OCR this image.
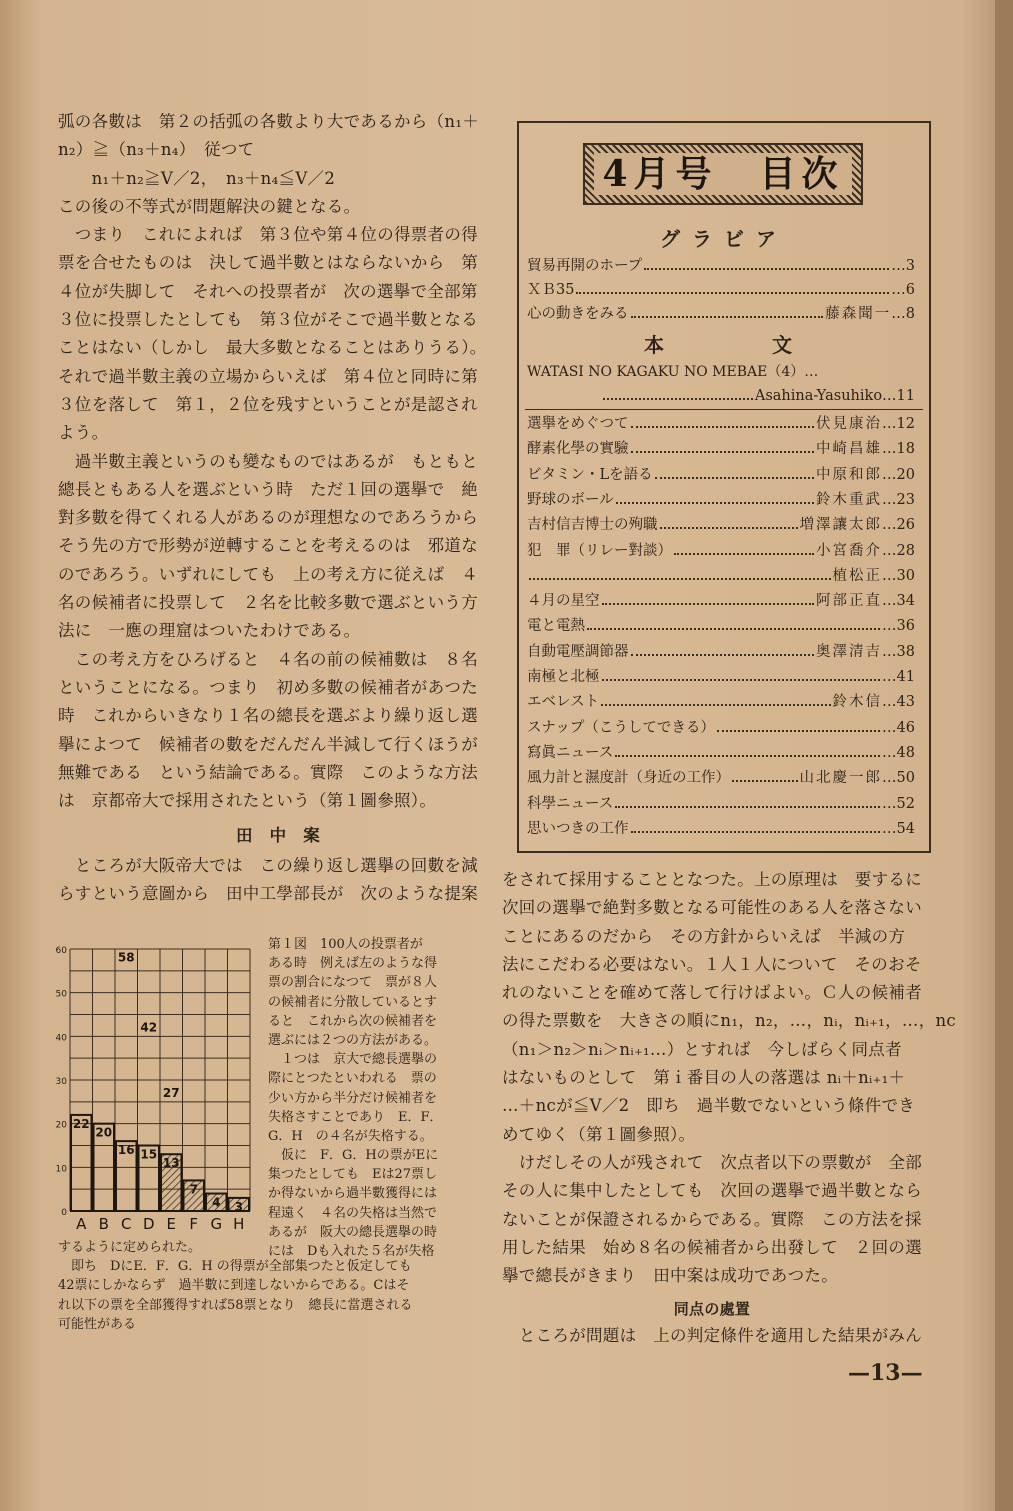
弧の各數は　第２の括弧の各數より大であるから（n₁＋
n₂）≧（n₃＋n₄）　従つて
　　n₁＋n₂≧V／2，　n₃＋n₄≦V／2
この後の不等式が問題解決の鍵となる。
　つまり　これによれば　第３位や第４位の得票者の得
票を合せたものは　決して過半數とはならないから　第
４位が失脚して　それへの投票者が　次の選擧で全部第
３位に投票したとしても　第３位がそこで過半數となる
ことはない（しかし　最大多數となることはありうる）。
それで過半數主義の立場からいえば　第４位と同時に第
３位を落して　第１，２位を残すということが是認され
よう。
　過半數主義というのも變なものではあるが　もともと
總長ともある人を選ぶという時　ただ１回の選擧で　絶
對多數を得てくれる人があるのが理想なのであろうから
そう先の方で形勢が逆轉することを考えるのは　邪道な
のであろう。いずれにしても　上の考え方に従えば　４
名の候補者に投票して　２名を比較多數で選ぶという方
法に　一應の理窟はついたわけである。
　この考え方をひろげると　４名の前の候補數は　８名
ということになる。つまり　初め多數の候補者があつた
時　これからいきなり１名の總長を選ぶより繰り返し選
擧によつて　候補者の數をだんだん半減して行くほうが
無難である　という結論である。實際　このような方法
は　京都帝大で採用されたという（第１圖參照）。
田　中　案
　ところが大阪帝大では　この繰り返し選擧の回數を減
らすという意圖から　田中工學部長が　次のような提案
22
20
16 15
13
7
4 3
58
42
27
0
10
20
30
40
50
60
A B C D E F G H
第１図　100人の投票者が
ある時　例えば左のような得
票の割合になつて　票が８人
の候補者に分散しているとす
ると　これから次の候補者を
選ぶには２つの方法がある。
　１つは　京大で總長選擧の
際にとつたといわれる　票の
少い方から半分だけ候補者を
失格さすことであり　E．F．
G．H　の４名が失格する。
　仮に　F．G．Hの票がEに
集つたとしても　Eは27票し
か得ないから過半數獲得には
程遠く　４名の失格は当然で
あるが　阪大の總長選擧の時
には　Dも入れた５名が失格
するように定められた。
　即ち　DにE．F．G．H の得票が全部集つたと仮定しても
42票にしかならず　過半數に到達しないからである。Cはそ
れ以下の票を全部獲得すれば58票となり　總長に當選される
可能性がある
4月号　目次
グラビア
貿易再開のホープ	… 3
ＸＢ35	… 6
心の動きをみる	藤森聞一 … 8
本　　　文
WATASI NO KAGAKU NO MEBAE（4）…
Asahina-Yasuhiko …11
選擧をめぐつて	伏見康治 … 12
酵素化學の實驗	中崎昌雄 … 18
ビタミン・Lを語る	中原和郎 … 20
野球のボール	鈴木重武 … 23
吉村信吉博士の殉職	増澤讓太郎 … 26
犯　罪（リレー對談）	小宮喬介 … 28
植松正 … 30
４月の星空	阿部正直 … 34
電と電熱	… 36
自動電壓調節器	奥澤清吉 … 38
南極と北極	… 41
エベレスト	鈴木信 … 43
スナップ（こうしてできる）	… 46
寫眞ニュース	… 48
風力計と濕度計（身近の工作）	山北慶一郎 … 50
科學ニュース	… 52
思いつきの工作	… 54
をされて採用することとなつた。上の原理は　要するに
次回の選擧で絶對多數となる可能性のある人を落さない
ことにあるのだから　その方針からいえば　半減の方
法にこだわる必要はない。１人１人について　そのおそ
れのないことを確めて落して行けばよい。Ｃ人の候補者
の得た票數を　大きさの順にn₁，n₂，…，nᵢ，nᵢ₊₁，…，nc
（n₁＞n₂＞nᵢ＞nᵢ₊₁…）とすれば　今しばらく同点者
はないものとして　第ｉ番目の人の落選は nᵢ＋nᵢ₊₁＋
…＋ncが≦V／2　即ち　過半數でないという條件でき
めてゆく（第１圖參照）。
　けだしその人が残されて　次点者以下の票數が　全部
その人に集中したとしても　次回の選擧で過半數となら
ないことが保證されるからである。實際　この方法を採
用した結果　始め８名の候補者から出發して　２回の選
擧で總長がきまり　田中案は成功であつた。
同点の處置
　ところが問題は　上の判定條件を適用した結果がみん
—13—
